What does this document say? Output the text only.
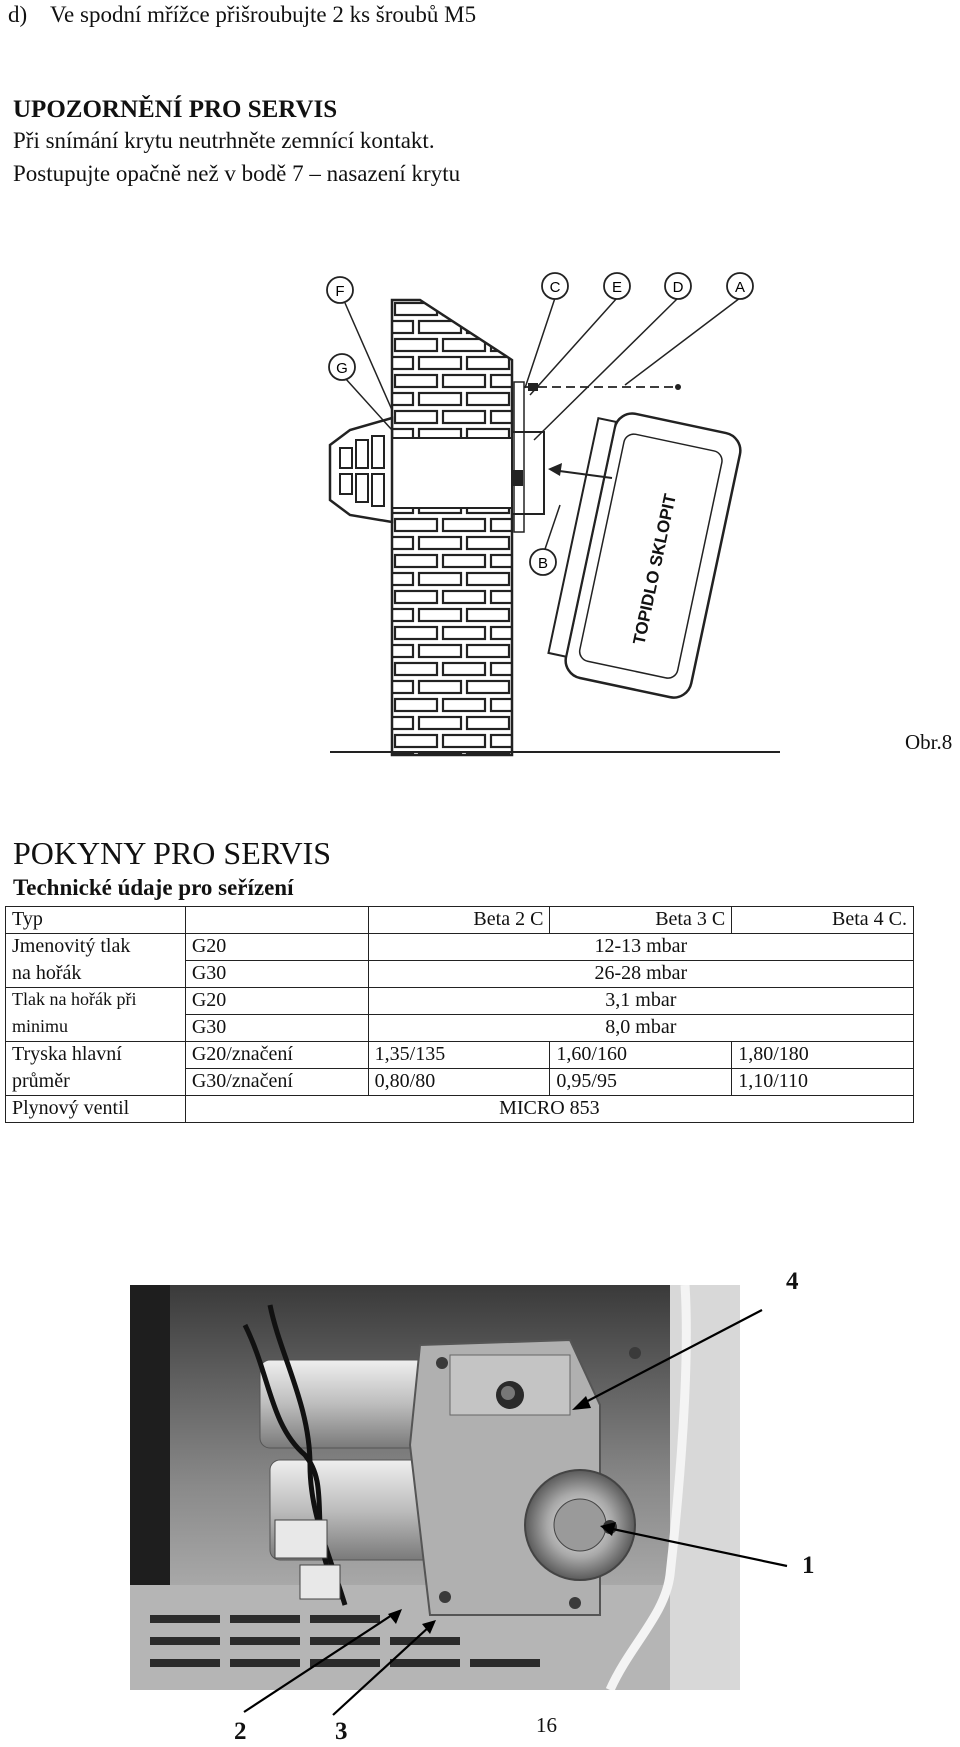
d) Ve spodní mřížce přišroubujte 2 ks šroubů M5
UPOZORNĚNÍ PRO SERVIS
Při snímání krytu neutrhněte zemnící kontakt.
Postupujte opačně než v bodě 7 – nasazení krytu
TOPIDLO SKLOPIT
F
G
C	E	D	A
B
Obr.8
POKYNY PRO SERVIS
Technické údaje pro seřízení
Typ		Beta 2 C	Beta 3 C	Beta 4 C.
Jmenovitý tlak	G20	12-13 mbar		
na hořák	G30	26-28 mbar		
Tlak na hořák při	G20	3,1 mbar		
minimu	G30	8,0 mbar		
Tryska hlavní	G20/značení	1,35/135	1,60/160	1,80/180
průměr	G30/značení	0,80/80	0,95/95	1,10/110
Plynový ventil	MICRO 853			
4
1
2	3	16
